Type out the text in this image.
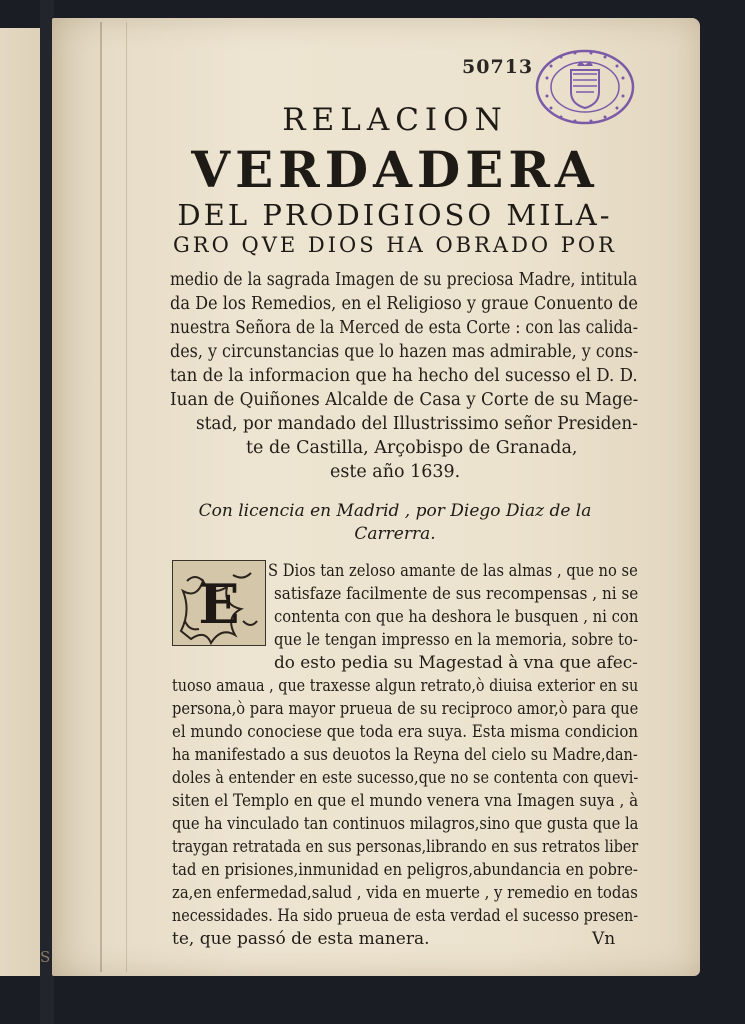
50713
RELACION
VERDADERA
DEL PRODIGIOSO MILA-
GRO QVE DIOS HA OBRADO POR
medio de la sagrada Imagen de su preciosa Madre, intitula
da De los Remedios, en el Religioso y graue Conuento de
nuestra Señora de la Merced de esta Corte : con las calida-
des, y circunstancias que lo hazen mas admirable, y cons-
tan de la informacion que ha hecho del sucesso el D. D.
Iuan de Quiñones Alcalde de Casa y Corte de su Mage-
stad, por mandado del Illustrissimo señor Presiden-
te de Castilla, Arçobispo de Granada,
este año 1639.
Con licencia en Madrid , por Diego Diaz de la
Carrerra.
E
S Dios tan zeloso amante de las almas , que no se
satisfaze facilmente de sus recompensas , ni se
contenta con que ha deshora le busquen , ni con
que le tengan impresso en la memoria, sobre to-
do esto pedia su Magestad à vna que afec-
tuoso amaua , que traxesse algun retrato,ò diuisa exterior en su
persona,ò para mayor prueua de su reciproco amor,ò para que
el mundo conociese que toda era suya. Esta misma condicion
ha manifestado a sus deuotos la Reyna del cielo su Madre,dan-
doles à entender en este sucesso,que no se contenta con quevi-
siten el Templo en que el mundo venera vna Imagen suya , à
que ha vinculado tan continuos milagros,sino que gusta que la
traygan retratada en sus personas,librando en sus retratos liber
tad en prisiones,inmunidad en peligros,abundancia en pobre-
za,en enfermedad,salud , vida en muerte , y remedio en todas
necessidades. Ha sido prueua de esta verdad el sucesso presen-
te, que passó de esta manera.	Vn
S
